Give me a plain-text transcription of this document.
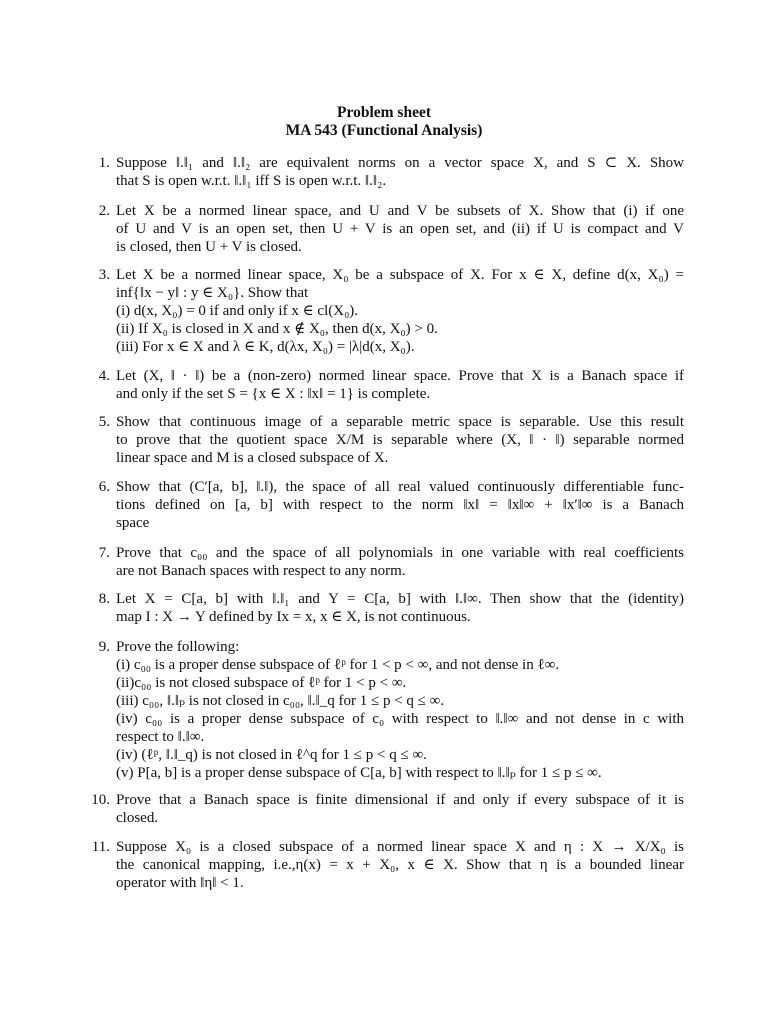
Problem sheet
MA 543 (Functional Analysis)
1. Suppose ‖.‖₁ and ‖.‖₂ are equivalent norms on a vector space X, and S ⊂ X. Show
that S is open w.r.t. ‖.‖₁ iff S is open w.r.t. ‖.‖₂.
2. Let X be a normed linear space, and U and V be subsets of X. Show that (i) if one
of U and V is an open set, then U + V is an open set, and (ii) if U is compact and V
is closed, then U + V is closed.
3. Let X be a normed linear space, X₀ be a subspace of X. For x ∈ X, define d(x, X₀) =
inf{‖x − y‖ : y ∈ X₀}. Show that
(i) d(x, X₀) = 0 if and only if x ∈ cl(X₀).
(ii) If X₀ is closed in X and x ∉ X₀, then d(x, X₀) > 0.
(iii) For x ∈ X and λ ∈ K, d(λx, X₀) = |λ|d(x, X₀).
4. Let (X, ‖ · ‖) be a (non-zero) normed linear space. Prove that X is a Banach space if
and only if the set S = {x ∈ X : ‖x‖ = 1} is complete.
5. Show that continuous image of a separable metric space is separable. Use this result
to prove that the quotient space X/M is separable where (X, ‖ · ‖) separable normed
linear space and M is a closed subspace of X.
6. Show that (C′[a, b], ‖.‖), the space of all real valued continuously differentiable func-
tions defined on [a, b] with respect to the norm ‖x‖ = ‖x‖∞ + ‖x′‖∞ is a Banach
space
7. Prove that c₀₀ and the space of all polynomials in one variable with real coefficients
are not Banach spaces with respect to any norm.
8. Let X = C[a, b] with ‖.‖₁ and Y = C[a, b] with ‖.‖∞. Then show that the (identity)
map I : X → Y defined by Ix = x, x ∈ X, is not continuous.
9. Prove the following:
(i) c₀₀ is a proper dense subspace of ℓᵖ for 1 < p < ∞, and not dense in ℓ∞.
(ii)c₀₀ is not closed subspace of ℓᵖ for 1 < p < ∞.
(iii) c₀₀, ‖.‖ₚ is not closed in c₀₀, ‖.‖_q for 1 ≤ p < q ≤ ∞.
(iv) c₀₀ is a proper dense subspace of c₀ with respect to ‖.‖∞ and not dense in c with
respect to ‖.‖∞.
(iv) (ℓᵖ, ‖.‖_q) is not closed in ℓ^q for 1 ≤ p < q ≤ ∞.
(v) P[a, b] is a proper dense subspace of C[a, b] with respect to ‖.‖ₚ for 1 ≤ p ≤ ∞.
10. Prove that a Banach space is finite dimensional if and only if every subspace of it is
closed.
11. Suppose X₀ is a closed subspace of a normed linear space X and η : X → X/X₀ is
the canonical mapping, i.e.,η(x) = x + X₀, x ∈ X. Show that η is a bounded linear
operator with ‖η‖ < 1.
